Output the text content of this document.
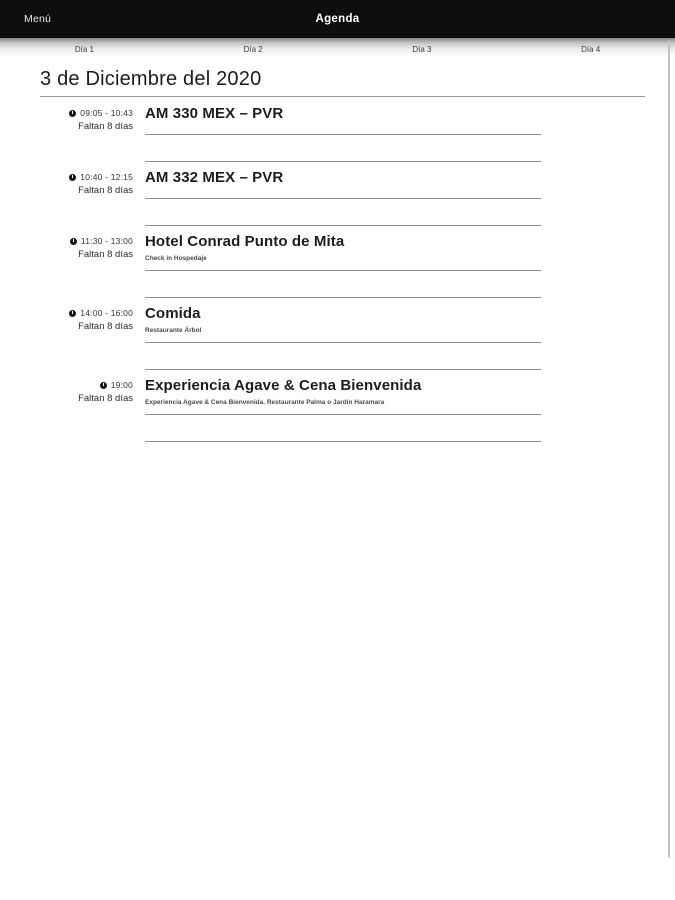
Menú	Agenda
Día 1	Día 2	Día 3	Día 4
3 de Diciembre del 2020
09:05 - 10:43
Faltan 8 días
AM 330 MEX – PVR
10:40 - 12:15
Faltan 8 días
AM 332 MEX – PVR
11:30 - 13:00
Faltan 8 días
Hotel Conrad Punto de Mita
Check in Hospedaje
14:00 - 16:00
Faltan 8 días
Comida
Restaurante Árbol
19:00
Faltan 8 días
Experiencia Agave & Cena Bienvenida
Experiencia Agave & Cena Bienvenida. Restaurante Palma o Jardín Haramara
